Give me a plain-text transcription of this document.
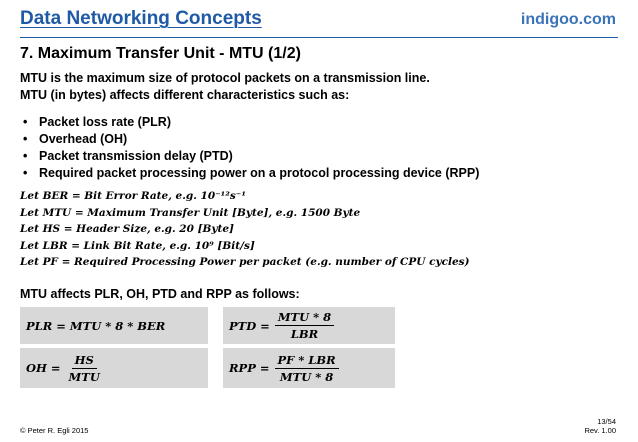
Data Networking Concepts	indigoo.com
7. Maximum Transfer Unit - MTU (1/2)
MTU is the maximum size of protocol packets on a transmission line.
MTU (in bytes) affects different characteristics such as:
• Packet loss rate (PLR)
• Overhead (OH)
• Packet transmission delay (PTD)
• Required packet processing power on a protocol processing device (RPP)
Let BER = Bit Error Rate, e.g. 10⁻¹²s⁻¹
Let MTU = Maximum Transfer Unit [Byte], e.g. 1500 Byte
Let HS = Header Size, e.g. 20 [Byte]
Let LBR = Link Bit Rate, e.g. 10⁹ [Bit/s]
Let PF = Required Processing Power per packet (e.g. number of CPU cycles)
MTU affects PLR, OH, PTD and RPP as follows:
PLR = MTU * 8 * BER
OH = $\frac{HS}{\text{MTU}}$
PTD = $\frac{\text{MTU * 8}}{\text{LBR}}$
RPP = $\frac{\text{PF * LBR}}{\text{MTU * 8}}$
© Peter R. Egli 2015
13/54
Rev. 1.00
